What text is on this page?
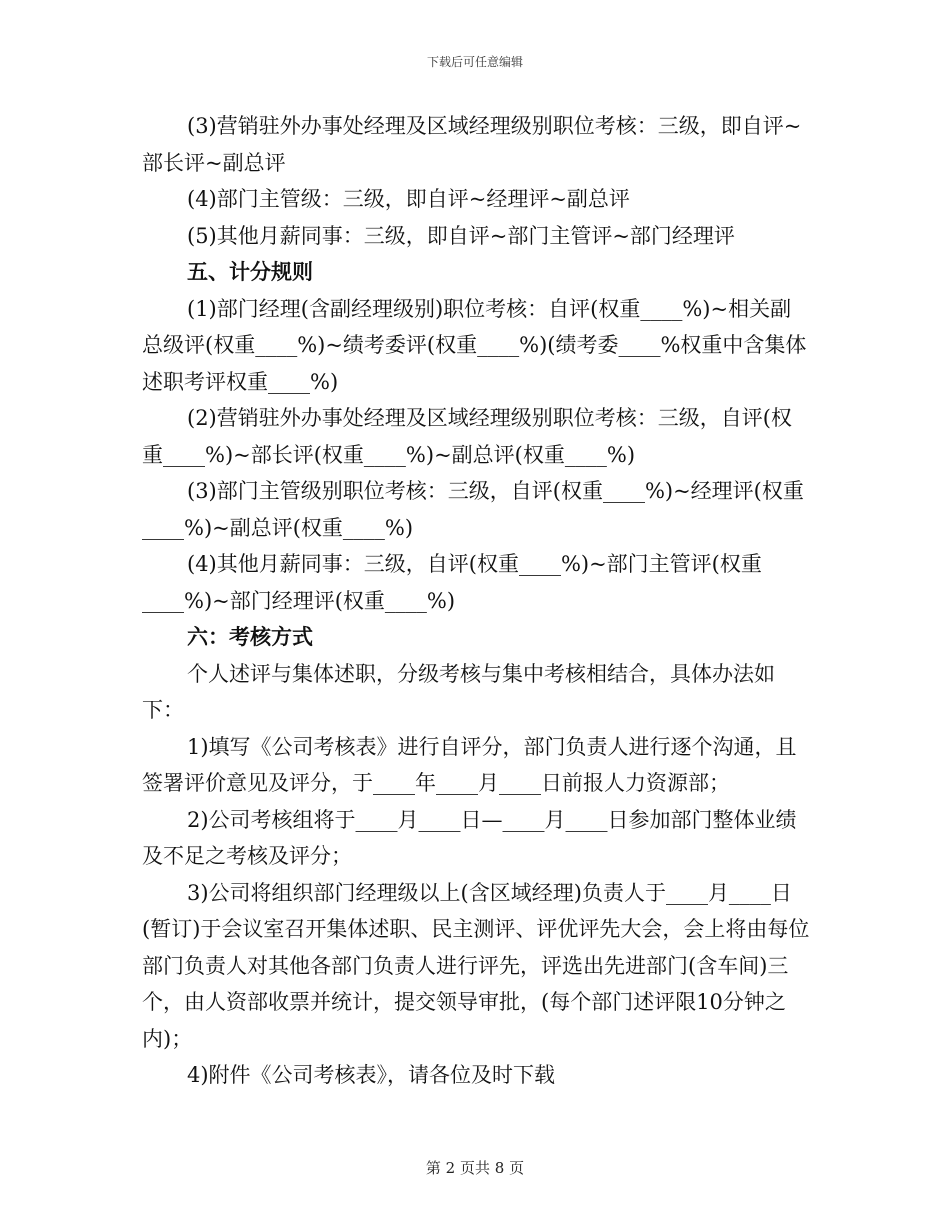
下载后可任意编辑

(3)营销驻外办事处经理及区域经理级别职位考核：三级，即自评~部长评~副总评

(4)部门主管级：三级，即自评~经理评~副总评

(5)其他月薪同事：三级，即自评~部门主管评~部门经理评

五、计分规则

(1)部门经理(含副经理级别)职位考核：自评(权重____%)~相关副总级评(权重____%)~绩考委评(权重____%)(绩考委____%权重中含集体述职考评权重____%)

(2)营销驻外办事处经理及区域经理级别职位考核：三级，自评(权重____%)~部长评(权重____%)~副总评(权重____%)

(3)部门主管级别职位考核：三级，自评(权重____%)~经理评(权重____%)~副总评(权重____%)

(4)其他月薪同事：三级，自评(权重____%)~部门主管评(权重____%)~部门经理评(权重____%)

六：考核方式

个人述评与集体述职，分级考核与集中考核相结合，具体办法如下：

1)填写《公司考核表》进行自评分，部门负责人进行逐个沟通，且签署评价意见及评分，于____年____月____日前报人力资源部；

2)公司考核组将于____月____日—____月____日参加部门整体业绩及不足之考核及评分；

3)公司将组织部门经理级以上(含区域经理)负责人于____月____日(暂订)于会议室召开集体述职、民主测评、评优评先大会，会上将由每位部门负责人对其他各部门负责人进行评先，评选出先进部门(含车间)三个，由人资部收票并统计，提交领导审批，(每个部门述评限10分钟之内)；

4)附件《公司考核表》，请各位及时下载

第 2 页共 8 页
